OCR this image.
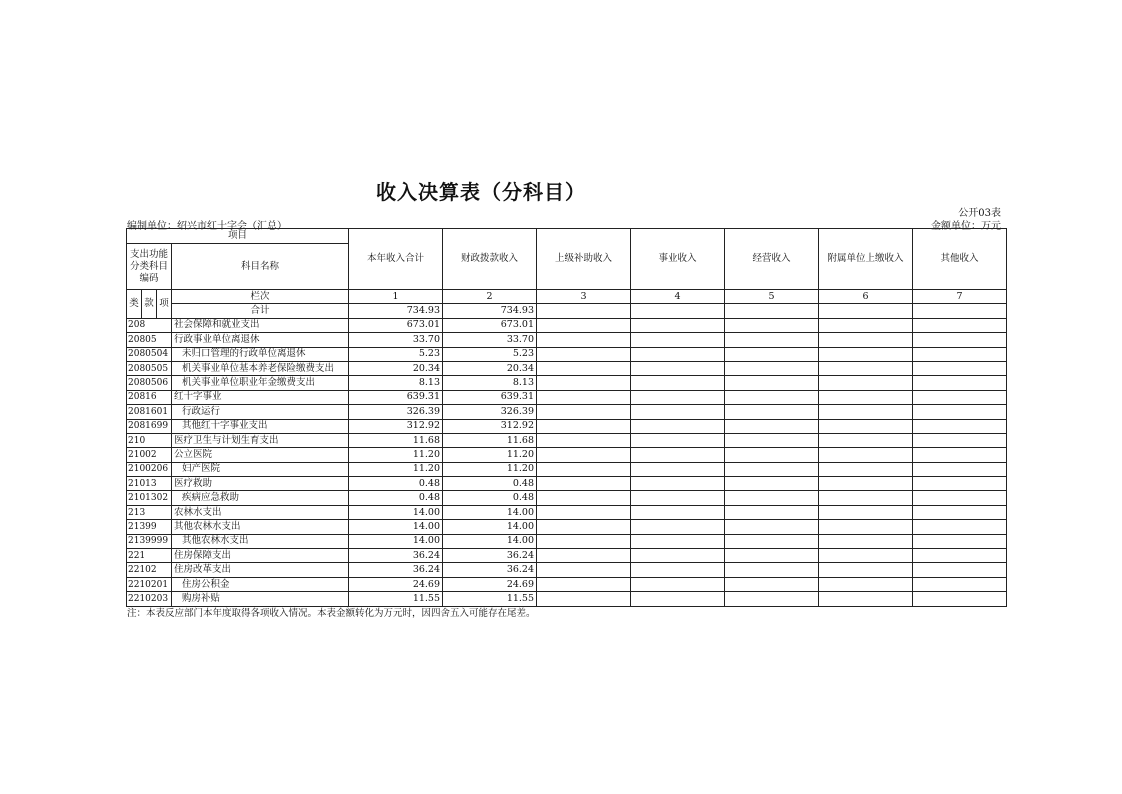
收入决算表（分科目）
公开03表
编制单位：绍兴市红十字会（汇总）	金额单位：万元
项目				本年收入合计	财政拨款收入	上级补助收入	事业收入	经营收入	附属单位上缴收入	其他收入

支出功能
分类科目
编码			科目名称							

类	款	项	栏次	1	2	3	4	5	6	7
			合计	734.93	734.93					
208			社会保障和就业支出	673.01	673.01					
20805			行政事业单位离退休	33.70	33.70					
2080504			未归口管理的行政单位离退休	5.23	5.23					
2080505			机关事业单位基本养老保险缴费支出	20.34	20.34					
2080506			机关事业单位职业年金缴费支出	8.13	8.13					
20816			红十字事业	639.31	639.31					
2081601			行政运行	326.39	326.39					
2081699			其他红十字事业支出	312.92	312.92					
210			医疗卫生与计划生育支出	11.68	11.68					
21002			公立医院	11.20	11.20					
2100206			妇产医院	11.20	11.20					
21013			医疗救助	0.48	0.48					
2101302			疾病应急救助	0.48	0.48					
213			农林水支出	14.00	14.00					
21399			其他农林水支出	14.00	14.00					
2139999			其他农林水支出	14.00	14.00					
221			住房保障支出	36.24	36.24					
22102			住房改革支出	36.24	36.24					
2210201			住房公积金	24.69	24.69					
2210203			购房补贴	11.55	11.55					
注：本表反应部门本年度取得各项收入情况。本表金额转化为万元时，因四舍五入可能存在尾差。
